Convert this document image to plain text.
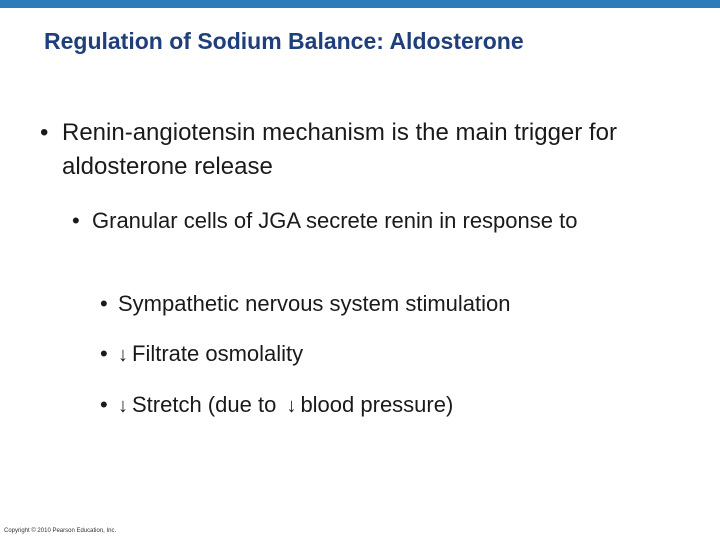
Regulation of Sodium Balance: Aldosterone
• Renin-angiotensin mechanism is the main trigger for aldosterone release
• Granular cells of JGA secrete renin in response to
• Sympathetic nervous system stimulation
• ↓ Filtrate osmolality
• ↓ Stretch (due to ↓ blood pressure)
Copyright © 2010 Pearson Education, Inc.
